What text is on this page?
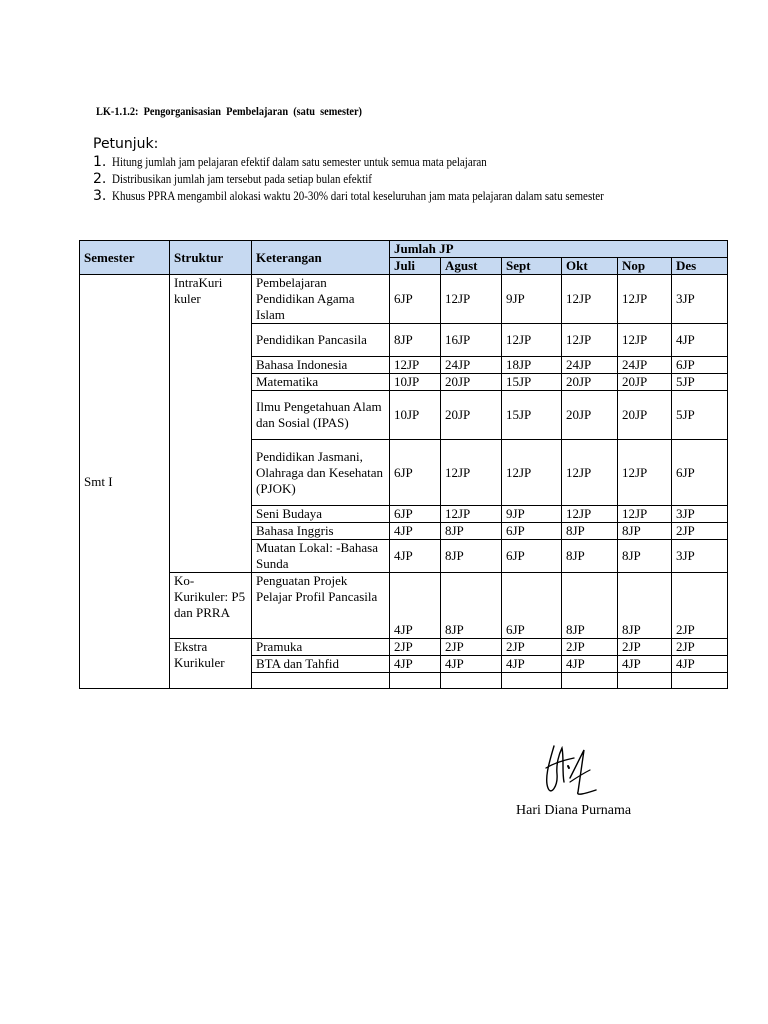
LK-1.1.2: Pengorganisasian Pembelajaran (satu semester)
Petunjuk:
1. Hitung jumlah jam pelajaran efektif dalam satu semester untuk semua mata pelajaran
2. Distribusikan jumlah jam tersebut pada setiap bulan efektif
3. Khusus PPRA mengambil alokasi waktu 20-30% dari total keseluruhan jam mata pelajaran dalam satu semester
Semester	Struktur	Keterangan	Jumlah JP					
			Juli	Agust	Sept	Okt	Nop	Des
Smt I	IntraKuri kuler	Pembelajaran Pendidikan Agama Islam	6JP	12JP	9JP	12JP	12JP	3JP
		Pendidikan Pancasila	8JP	16JP	12JP	12JP	12JP	4JP
		Bahasa Indonesia	12JP	24JP	18JP	24JP	24JP	6JP
		Matematika	10JP	20JP	15JP	20JP	20JP	5JP
		Ilmu Pengetahuan Alam dan Sosial (IPAS)	10JP	20JP	15JP	20JP	20JP	5JP
		Pendidikan Jasmani, Olahraga dan Kesehatan (PJOK)	6JP	12JP	12JP	12JP	12JP	6JP
		Seni Budaya	6JP	12JP	9JP	12JP	12JP	3JP
		Bahasa Inggris	4JP	8JP	6JP	8JP	8JP	2JP
		Muatan Lokal: -Bahasa Sunda	4JP	8JP	6JP	8JP	8JP	3JP
	Ko-Kurikuler: P5 dan PRRA	Penguatan Projek Pelajar Profil Pancasila	4JP	8JP	6JP	8JP	8JP	2JP
	Ekstra Kurikuler	Pramuka	2JP	2JP	2JP	2JP	2JP	2JP
		BTA dan Tahfid	4JP	4JP	4JP	4JP	4JP	4JP

Hari Diana Purnama
